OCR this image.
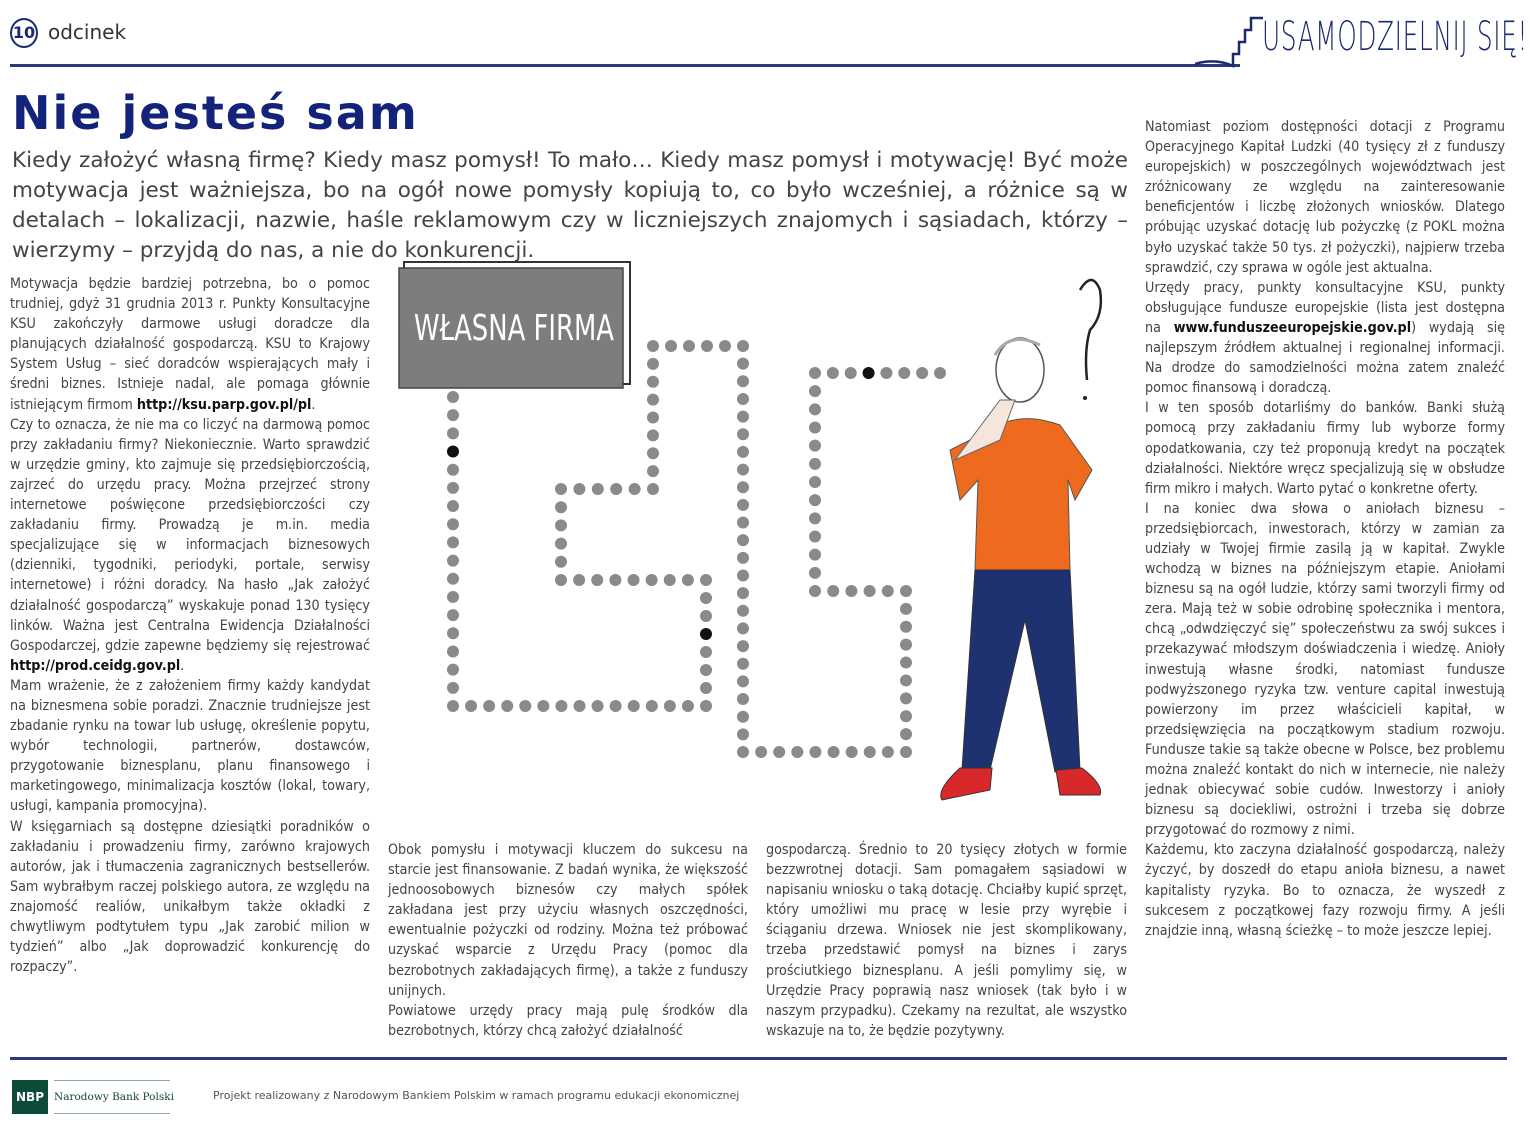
10 odcinek	USAMODZIELNIJ SIĘ!
Nie jesteś sam

Kiedy założyć własną firmę? Kiedy masz pomysł! To mało… Kiedy masz pomysł i motywację! Być może motywacja jest ważniejsza, bo na ogół nowe pomysły kopiują to, co było wcześniej, a różnice są w detalach – lokalizacji, nazwie, haśle reklamowym czy w liczniejszych znajomych i sąsiadach, którzy – wierzymy – przyjdą do nas, a nie do konkurencji.

Motywacja będzie bardziej potrzebna, bo o pomoc trudniej, gdyż 31 grudnia 2013 r. Punkty Konsultacyjne KSU zakończyły darmowe usługi doradcze dla planujących działalność gospodarczą. KSU to Krajowy System Usług – sieć doradców wspierających mały i średni biznes. Istnieje nadal, ale pomaga głównie istniejącym firmom http://ksu.parp.gov.pl/pl.

Czy to oznacza, że nie ma co liczyć na darmową pomoc przy zakładaniu firmy? Niekoniecznie. Warto sprawdzić w urzędzie gminy, kto zajmuje się przedsiębiorczością, zajrzeć do urzędu pracy. Można przejrzeć strony internetowe poświęcone przedsiębiorczości czy zakładaniu firmy. Prowadzą je m.in. media specjalizujące się w informacjach biznesowych (dzienniki, tygodniki, periodyki, portale, serwisy internetowe) i różni doradcy. Na hasło „Jak założyć działalność gospodarczą” wyskakuje ponad 130 tysięcy linków. Ważna jest Centralna Ewidencja Działalności Gospodarczej, gdzie zapewne będziemy się rejestrować http://prod.ceidg.gov.pl.

Mam wrażenie, że z założeniem firmy każdy kandydat na biznesmena sobie poradzi. Znacznie trudniejsze jest zbadanie rynku na towar lub usługę, określenie popytu, wybór technologii, partnerów, dostawców, przygotowanie biznesplanu, planu finansowego i marketingowego, minimalizacja kosztów (lokal, towary, usługi, kampania promocyjna).

W księgarniach są dostępne dziesiątki poradników o zakładaniu i prowadzeniu firmy, zarówno krajowych autorów, jak i tłumaczenia zagranicznych bestsellerów. Sam wybrałbym raczej polskiego autora, ze względu na znajomość realiów, unikałbym także okładki z chwytliwym podtytułem typu „Jak zarobić milion w tydzień” albo „Jak doprowadzić konkurencję do rozpaczy”.

Obok pomysłu i motywacji kluczem do sukcesu na starcie jest finansowanie. Z badań wynika, że większość jednoosobowych biznesów czy małych spółek zakładana jest przy użyciu własnych oszczędności, ewentualnie pożyczki od rodziny. Można też próbować uzyskać wsparcie z Urzędu Pracy (pomoc dla bezrobotnych zakładających firmę), a także z funduszy unijnych.

Powiatowe urzędy pracy mają pulę środków dla bezrobotnych, którzy chcą założyć działalność

gospodarczą. Średnio to 20 tysięcy złotych w formie bezzwrotnej dotacji. Sam pomagałem sąsiadowi w napisaniu wniosku o taką dotację. Chciałby kupić sprzęt, który umożliwi mu pracę w lesie przy wyrębie i ściąganiu drzewa. Wniosek nie jest skomplikowany, trzeba przedstawić pomysł na biznes i zarys prościutkiego biznesplanu. A jeśli pomylimy się, w Urzędzie Pracy poprawią nasz wniosek (tak było i w naszym przypadku). Czekamy na rezultat, ale wszystko wskazuje na to, że będzie pozytywny.

Natomiast poziom dostępności dotacji z Programu Operacyjnego Kapitał Ludzki (40 tysięcy zł z funduszy europejskich) w poszczególnych województwach jest zróżnicowany ze względu na zainteresowanie beneficjentów i liczbę złożonych wniosków. Dlatego próbując uzyskać dotację lub pożyczkę (z POKL można było uzyskać także 50 tys. zł pożyczki), najpierw trzeba sprawdzić, czy sprawa w ogóle jest aktualna.

Urzędy pracy, punkty konsultacyjne KSU, punkty obsługujące fundusze europejskie (lista jest dostępna na www.funduszeeuropejskie.gov.pl) wydają się najlepszym źródłem aktualnej i regionalnej informacji. Na drodze do samodzielności można zatem znaleźć pomoc finansową i doradczą.

I w ten sposób dotarliśmy do banków. Banki służą pomocą przy zakładaniu firmy lub wyborze formy opodatkowania, czy też proponują kredyt na początek działalności. Niektóre wręcz specjalizują się w obsłudze firm mikro i małych. Warto pytać o konkretne oferty.

I na koniec dwa słowa o aniołach biznesu – przedsiębiorcach, inwestorach, którzy w zamian za udziały w Twojej firmie zasilą ją w kapitał. Zwykle wchodzą w biznes na późniejszym etapie. Aniołami biznesu są na ogół ludzie, którzy sami tworzyli firmy od zera. Mają też w sobie odrobinę społecznika i mentora, chcą „odwdzięczyć się” społeczeństwu za swój sukces i przekazywać młodszym doświadczenia i wiedzę. Anioły inwestują własne środki, natomiast fundusze podwyższonego ryzyka tzw. venture capital inwestują powierzony im przez właścicieli kapitał, w przedsięwzięcia na początkowym stadium rozwoju. Fundusze takie są także obecne w Polsce, bez problemu można znaleźć kontakt do nich w internecie, nie należy jednak obiecywać sobie cudów. Inwestorzy i anioły biznesu są dociekliwi, ostrożni i trzeba się dobrze przygotować do rozmowy z nimi.

Każdemu, kto zaczyna działalność gospodarczą, należy życzyć, by doszedł do etapu anioła biznesu, a nawet kapitalisty ryzyka. Bo to oznacza, że wyszedł z sukcesem z początkowej fazy rozwoju firmy. A jeśli znajdzie inną, własną ścieżkę – to może jeszcze lepiej.

WŁASNA FIRMA
NBP Narodowy Bank Polski	Projekt realizowany z Narodowym Bankiem Polskim w ramach programu edukacji ekonomicznej
